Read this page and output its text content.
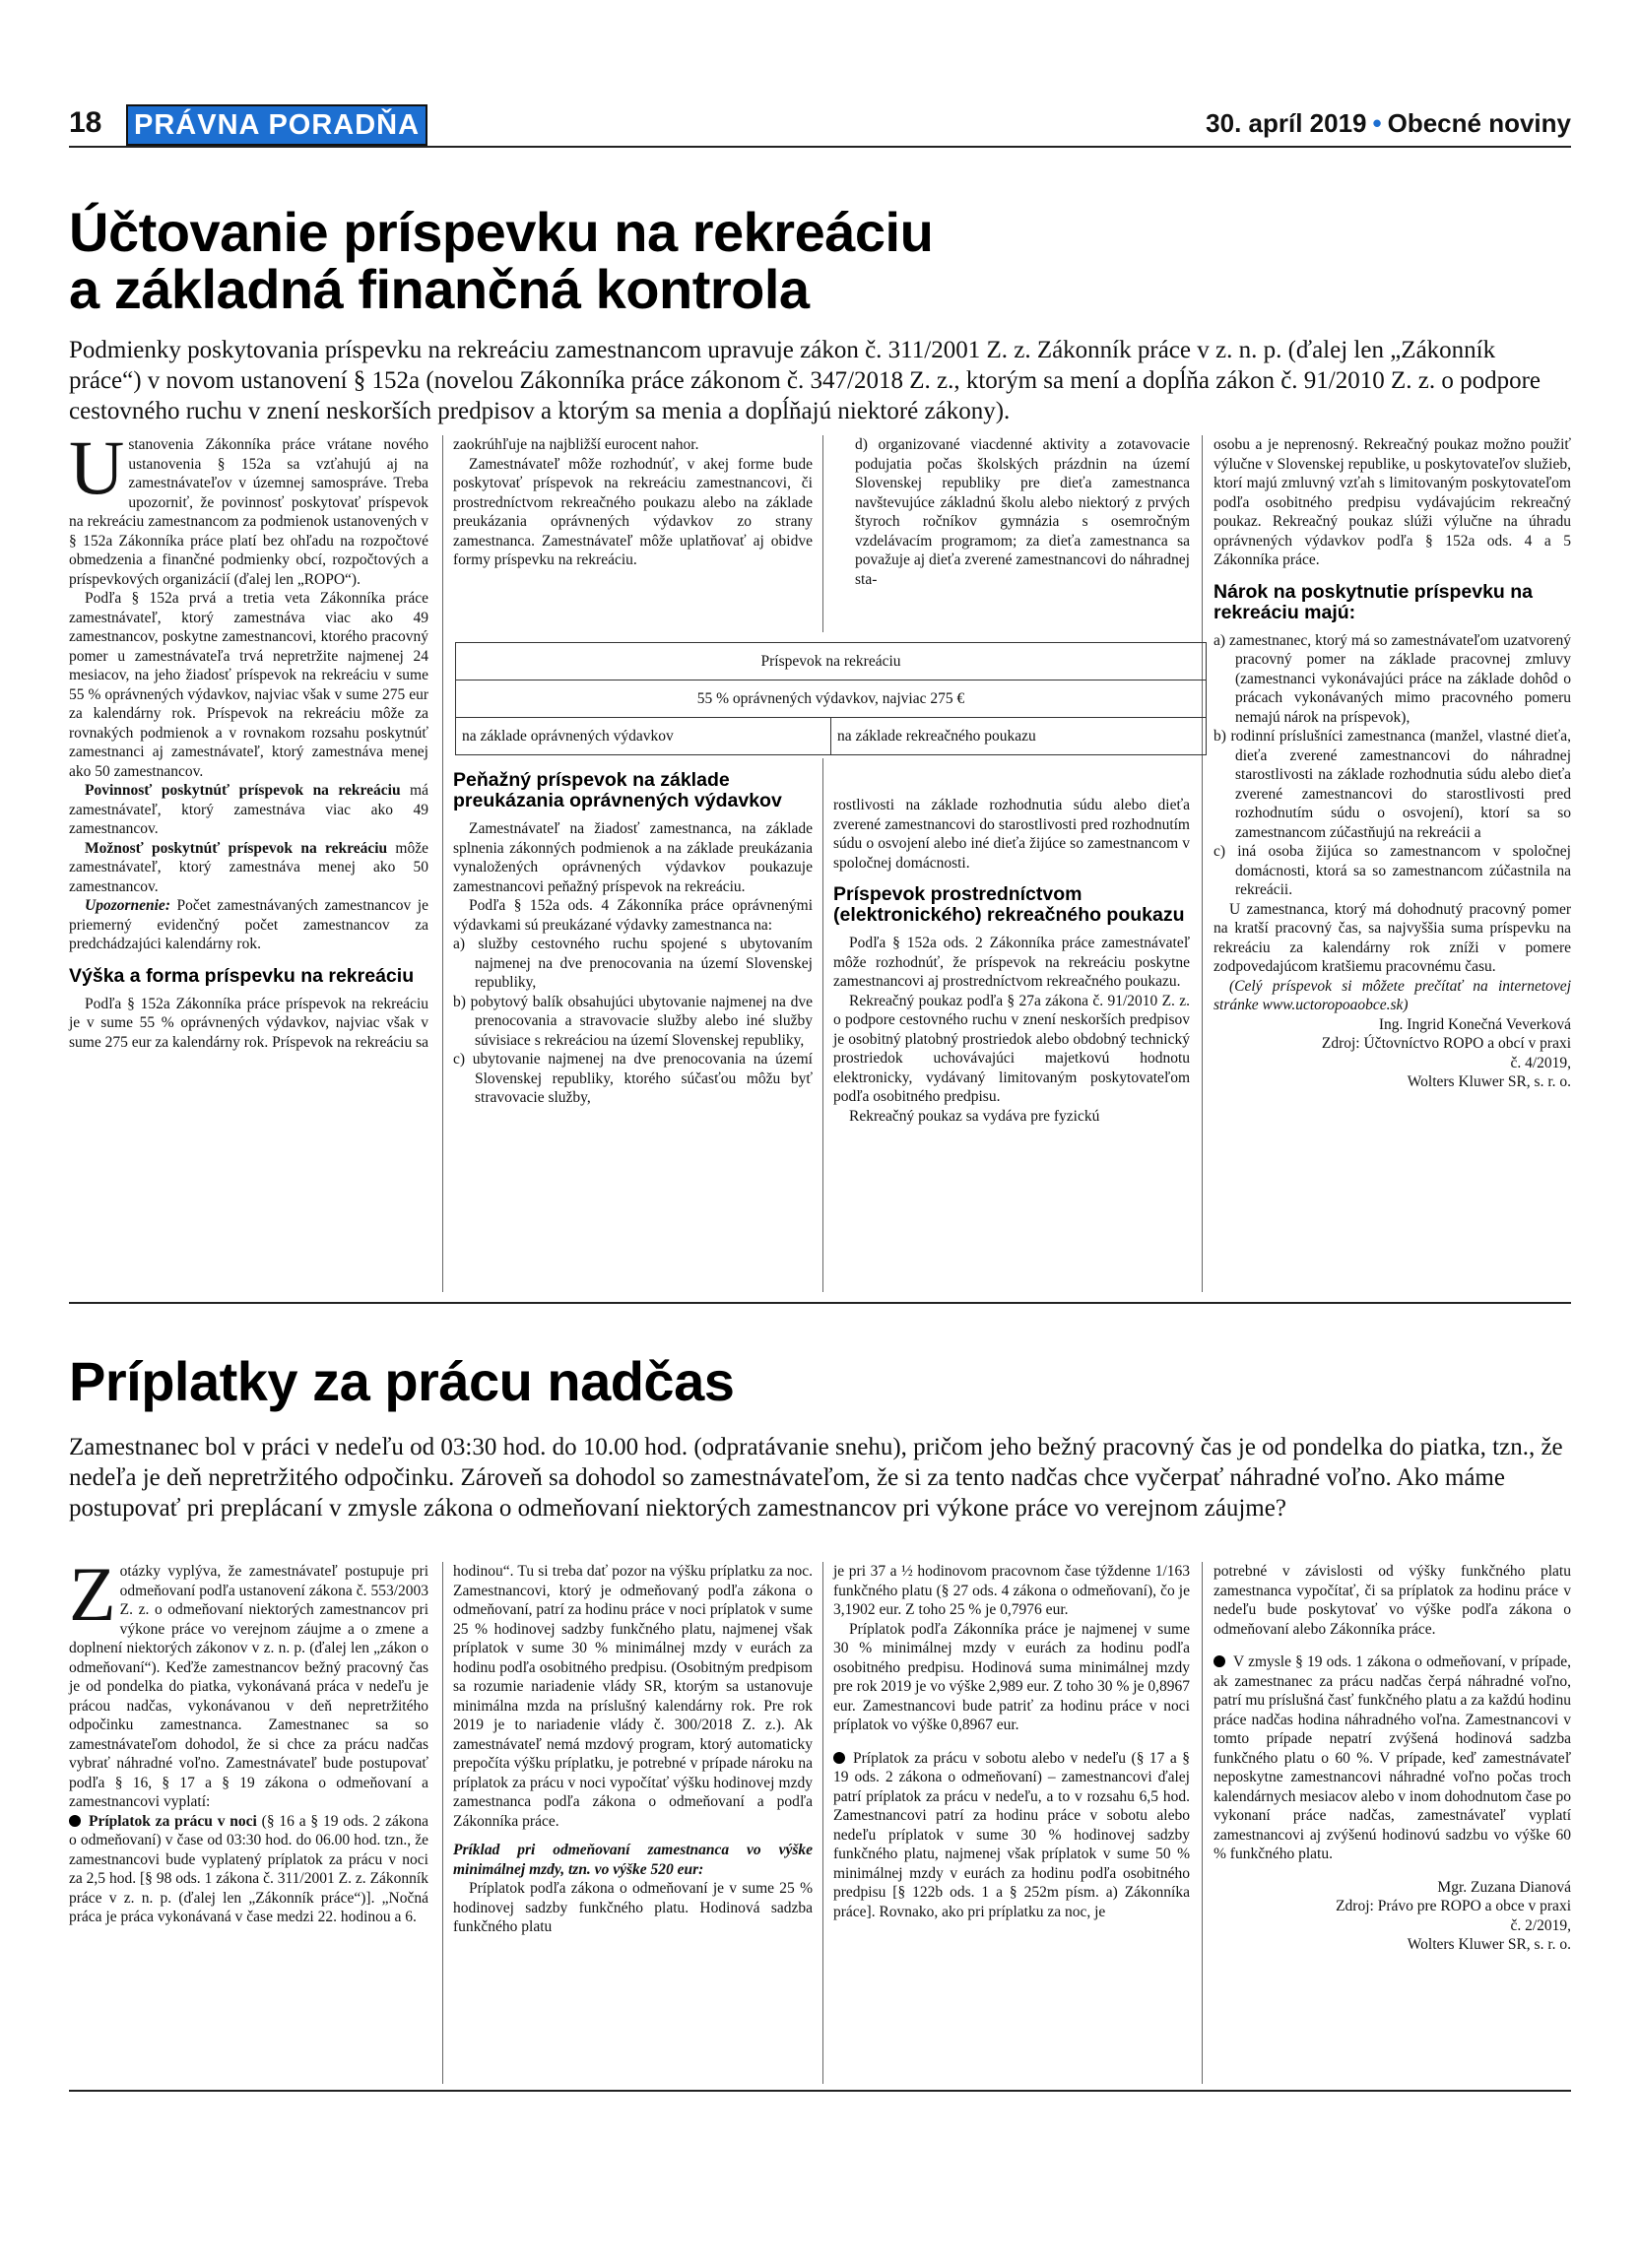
18 PRÁVNA PORADŇA	30. apríl 2019 • Obecné noviny
Účtovanie príspevku na rekreáciu
a základná finančná kontrola

Podmienky poskytovania príspevku na rekreáciu zamestnancom upravuje zákon č. 311/2001 Z. z. Zákonník práce v z. n. p. (ďalej len „Zákonník práce“) v novom ustanovení § 152a (novelou Zákonníka práce zákonom č. 347/2018 Z. z., ktorým sa mení a dopĺňa zákon č. 91/2010 Z. z. o podpore cestovného ruchu v znení neskorších predpisov a ktorým sa menia a dopĺňajú niektoré zákony).

U stanovenia Zákonníka práce vrátane nového ustanovenia § 152a sa vzťahujú aj na zamestnávateľov v územnej samospráve. Treba upozorniť, že povinnosť poskytovať príspevok na rekreáciu zamestnancom za podmienok ustanovených v § 152a Zákonníka práce platí bez ohľadu na rozpočtové obmedzenia a finančné podmienky obcí, rozpočtových a príspevkových organizácií (ďalej len „ROPO“).

Podľa § 152a prvá a tretia veta Zákonníka práce zamestnávateľ, ktorý zamestnáva viac ako 49 zamestnancov, poskytne zamestnancovi, ktorého pracovný pomer u zamestnávateľa trvá nepretržite najmenej 24 mesiacov, na jeho žiadosť príspevok na rekreáciu v sume 55 % oprávnených výdavkov, najviac však v sume 275 eur za kalendárny rok. Príspevok na rekreáciu môže za rovnakých podmienok a v rovnakom rozsahu poskytnúť zamestnanci aj zamestnávateľ, ktorý zamestnáva menej ako 50 zamestnancov.

Povinnosť poskytnúť príspevok na rekreáciu má zamestnávateľ, ktorý zamestnáva viac ako 49 zamestnancov.

Možnosť poskytnúť príspevok na rekreáciu môže zamestnávateľ, ktorý zamestnáva menej ako 50 zamestnancov.

Upozornenie: Počet zamestnávaných zamestnancov je priemerný evidenčný počet zamestnancov za predchádzajúci kalendárny rok.

Výška a forma príspevku na rekreáciu

Podľa § 152a Zákonníka práce príspevok na rekreáciu je v sume 55 % oprávnených výdavkov, najviac však v sume 275 eur za kalendárny rok. Príspevok na rekreáciu sa

zaokrúhľuje na najbližší eurocent nahor.

Zamestnávateľ môže rozhodnúť, v akej forme bude poskytovať príspevok na rekreáciu zamestnancovi, či prostredníctvom rekreačného poukazu alebo na základe preukázania oprávnených výdavkov zo strany zamestnanca. Zamestnávateľ môže uplatňovať aj obidve formy príspevku na rekreáciu.

d) organizované viacdenné aktivity a zotavovacie podujatia počas školských prázdnin na území Slovenskej republiky pre dieťa zamestnanca navštevujúce základnú školu alebo niektorý z prvých štyroch ročníkov gymnázia s osemročným vzdelávacím programom; za dieťa zamestnanca sa považuje aj dieťa zverené zamestnancovi do náhradnej sta-

Príspevok na rekreáciu
55 % oprávnených výdavkov, najviac 275 €
na základe oprávnených výdavkov	na základe rekreačného poukazu
Peňažný príspevok na základe preukázania oprávnených výdavkov

Zamestnávateľ na žiadosť zamestnanca, na základe splnenia zákonných podmienok a na základe preukázania vynaložených oprávnených výdavkov poukazuje zamestnancovi peňažný príspevok na rekreáciu.

Podľa § 152a ods. 4 Zákonníka práce oprávnenými výdavkami sú preukázané výdavky zamestnanca na:

a) služby cestovného ruchu spojené s ubytovaním najmenej na dve prenocovania na území Slovenskej republiky,

b) pobytový balík obsahujúci ubytovanie najmenej na dve prenocovania a stravovacie služby alebo iné služby súvisiace s rekreáciou na území Slovenskej republiky,

c) ubytovanie najmenej na dve prenocovania na území Slovenskej republiky, ktorého súčasťou môžu byť stravovacie služby,

rostlivosti na základe rozhodnutia súdu alebo dieťa zverené zamestnancovi do starostlivosti pred rozhodnutím súdu o osvojení alebo iné dieťa žijúce so zamestnancom v spoločnej domácnosti.

Príspevok prostredníctvom (elektronického) rekreačného poukazu

Podľa § 152a ods. 2 Zákonníka práce zamestnávateľ môže rozhodnúť, že príspevok na rekreáciu poskytne zamestnancovi aj prostredníctvom rekreačného poukazu.

Rekreačný poukaz podľa § 27a zákona č. 91/2010 Z. z. o podpore cestovného ruchu v znení neskorších predpisov je osobitný platobný prostriedok alebo obdobný technický prostriedok uchovávajúci majetkovú hodnotu elektronicky, vydávaný limitovaným poskytovateľom podľa osobitného predpisu.

Rekreačný poukaz sa vydáva pre fyzickú

osobu a je neprenosný. Rekreačný poukaz možno použiť výlučne v Slovenskej republike, u poskytovateľov služieb, ktorí majú zmluvný vzťah s limitovaným poskytovateľom podľa osobitného predpisu vydávajúcim rekreačný poukaz. Rekreačný poukaz slúži výlučne na úhradu oprávnených výdavkov podľa § 152a ods. 4 a 5 Zákonníka práce.

Nárok na poskytnutie príspevku na rekreáciu majú:

a) zamestnanec, ktorý má so zamestnávateľom uzatvorený pracovný pomer na základe pracovnej zmluvy (zamestnanci vykonávajúci práce na základe dohôd o prácach vykonávaných mimo pracovného pomeru nemajú nárok na príspevok),

b) rodinní príslušníci zamestnanca (manžel, vlastné dieťa, dieťa zverené zamestnancovi do náhradnej starostlivosti na základe rozhodnutia súdu alebo dieťa zverené zamestnancovi do starostlivosti pred rozhodnutím súdu o osvojení), ktorí sa so zamestnancom zúčastňujú na rekreácii a

c) iná osoba žijúca so zamestnancom v spoločnej domácnosti, ktorá sa so zamestnancom zúčastnila na rekreácii.

U zamestnanca, ktorý má dohodnutý pracovný pomer na kratší pracovný čas, sa najvyššia suma príspevku na rekreáciu za kalendárny rok zníži v pomere zodpovedajúcom kratšiemu pracovnému času.

(Celý príspevok si môžete prečítať na internetovej stránke www.uctoropoaobce.sk)

Ing. Ingrid Konečná Veverková

Zdroj: Účtovníctvo ROPO a obcí v praxi

č. 4/2019,

Wolters Kluwer SR, s. r. o.

Príplatky za prácu nadčas

Zamestnanec bol v práci v nedeľu od 03:30 hod. do 10.00 hod. (odpratávanie snehu), pričom jeho bežný pracovný čas je od pondelka do piatka, tzn., že nedeľa je deň nepretržitého odpočinku. Zároveň sa dohodol so zamestnávateľom, že si za tento nadčas chce vyčerpať náhradné voľno. Ako máme postupovať pri preplácaní v zmysle zákona o odmeňovaní niektorých zamestnancov pri výkone práce vo verejnom záujme?

Z otázky vyplýva, že zamestnávateľ postupuje pri odmeňovaní podľa ustanovení zákona č. 553/2003 Z. z. o odmeňovaní niektorých zamestnancov pri výkone práce vo verejnom záujme a o zmene a doplnení niektorých zákonov v z. n. p. (ďalej len „zákon o odmeňovaní“). Keďže zamestnancov bežný pracovný čas je od pondelka do piatka, vykonávaná práca v nedeľu je prácou nadčas, vykonávanou v deň nepretržitého odpočinku zamestnanca. Zamestnanec sa so zamestnávateľom dohodol, že si chce za prácu nadčas vybrať náhradné voľno. Zamestnávateľ bude postupovať podľa § 16, § 17 a § 19 zákona o odmeňovaní a zamestnancovi vyplatí:

Príplatok za prácu v noci (§ 16 a § 19 ods. 2 zákona o odmeňovaní) v čase od 03:30 hod. do 06.00 hod. tzn., že zamestnancovi bude vyplatený príplatok za prácu v noci za 2,5 hod. [§ 98 ods. 1 zákona č. 311/2001 Z. z. Zákonník práce v z. n. p. (ďalej len „Zákonník práce“)]. „Nočná práca je práca vykonávaná v čase medzi 22. hodinou a 6.

hodinou“. Tu si treba dať pozor na výšku príplatku za noc. Zamestnancovi, ktorý je odmeňovaný podľa zákona o odmeňovaní, patrí za hodinu práce v noci príplatok v sume 25 % hodinovej sadzby funkčného platu, najmenej však príplatok v sume 30 % minimálnej mzdy v eurách za hodinu podľa osobitného predpisu. (Osobitným predpisom sa rozumie nariadenie vlády SR, ktorým sa ustanovuje minimálna mzda na príslušný kalendárny rok. Pre rok 2019 je to nariadenie vlády č. 300/2018 Z. z.). Ak zamestnávateľ nemá mzdový program, ktorý automaticky prepočíta výšku príplatku, je potrebné v prípade nároku na príplatok za prácu v noci vypočítať výšku hodinovej mzdy zamestnanca podľa zákona o odmeňovaní a podľa Zákonníka práce.

Príklad pri odmeňovaní zamestnanca vo výške minimálnej mzdy, tzn. vo výške 520 eur:

Príplatok podľa zákona o odmeňovaní je v sume 25 % hodinovej sadzby funkčného platu. Hodinová sadzba funkčného platu

je pri 37 a ½ hodinovom pracovnom čase týždenne 1/163 funkčného platu (§ 27 ods. 4 zákona o odmeňovaní), čo je 3,1902 eur. Z toho 25 % je 0,7976 eur.

Príplatok podľa Zákonníka práce je najmenej v sume 30 % minimálnej mzdy v eurách za hodinu podľa osobitného predpisu. Hodinová suma minimálnej mzdy pre rok 2019 je vo výške 2,989 eur. Z toho 30 % je 0,8967 eur. Zamestnancovi bude patriť za hodinu práce v noci príplatok vo výške 0,8967 eur.

Príplatok za prácu v sobotu alebo v nedeľu (§ 17 a § 19 ods. 2 zákona o odmeňovaní) – zamestnancovi ďalej patrí príplatok za prácu v nedeľu, a to v rozsahu 6,5 hod. Zamestnancovi patrí za hodinu práce v sobotu alebo nedeľu príplatok v sume 30 % hodinovej sadzby funkčného platu, najmenej však príplatok v sume 50 % minimálnej mzdy v eurách za hodinu podľa osobitného predpisu [§ 122b ods. 1 a § 252m písm. a) Zákonníka práce]. Rovnako, ako pri príplatku za noc, je

potrebné v závislosti od výšky funkčného platu zamestnanca vypočítať, či sa príplatok za hodinu práce v nedeľu bude poskytovať vo výške podľa zákona o odmeňovaní alebo Zákonníka práce.

V zmysle § 19 ods. 1 zákona o odmeňovaní, v prípade, ak zamestnanec za prácu nadčas čerpá náhradné voľno, patrí mu príslušná časť funkčného platu a za každú hodinu práce nadčas hodina náhradného voľna. Zamestnancovi v tomto prípade nepatrí zvýšená hodinová sadzba funkčného platu o 60 %. V prípade, keď zamestnávateľ neposkytne zamestnancovi náhradné voľno počas troch kalendárnych mesiacov alebo v inom dohodnutom čase po vykonaní práce nadčas, zamestnávateľ vyplatí zamestnancovi aj zvýšenú hodinovú sadzbu vo výške 60 % funkčného platu.

Mgr. Zuzana Dianová

Zdroj: Právo pre ROPO a obce v praxi

č. 2/2019,

Wolters Kluwer SR, s. r. o.
